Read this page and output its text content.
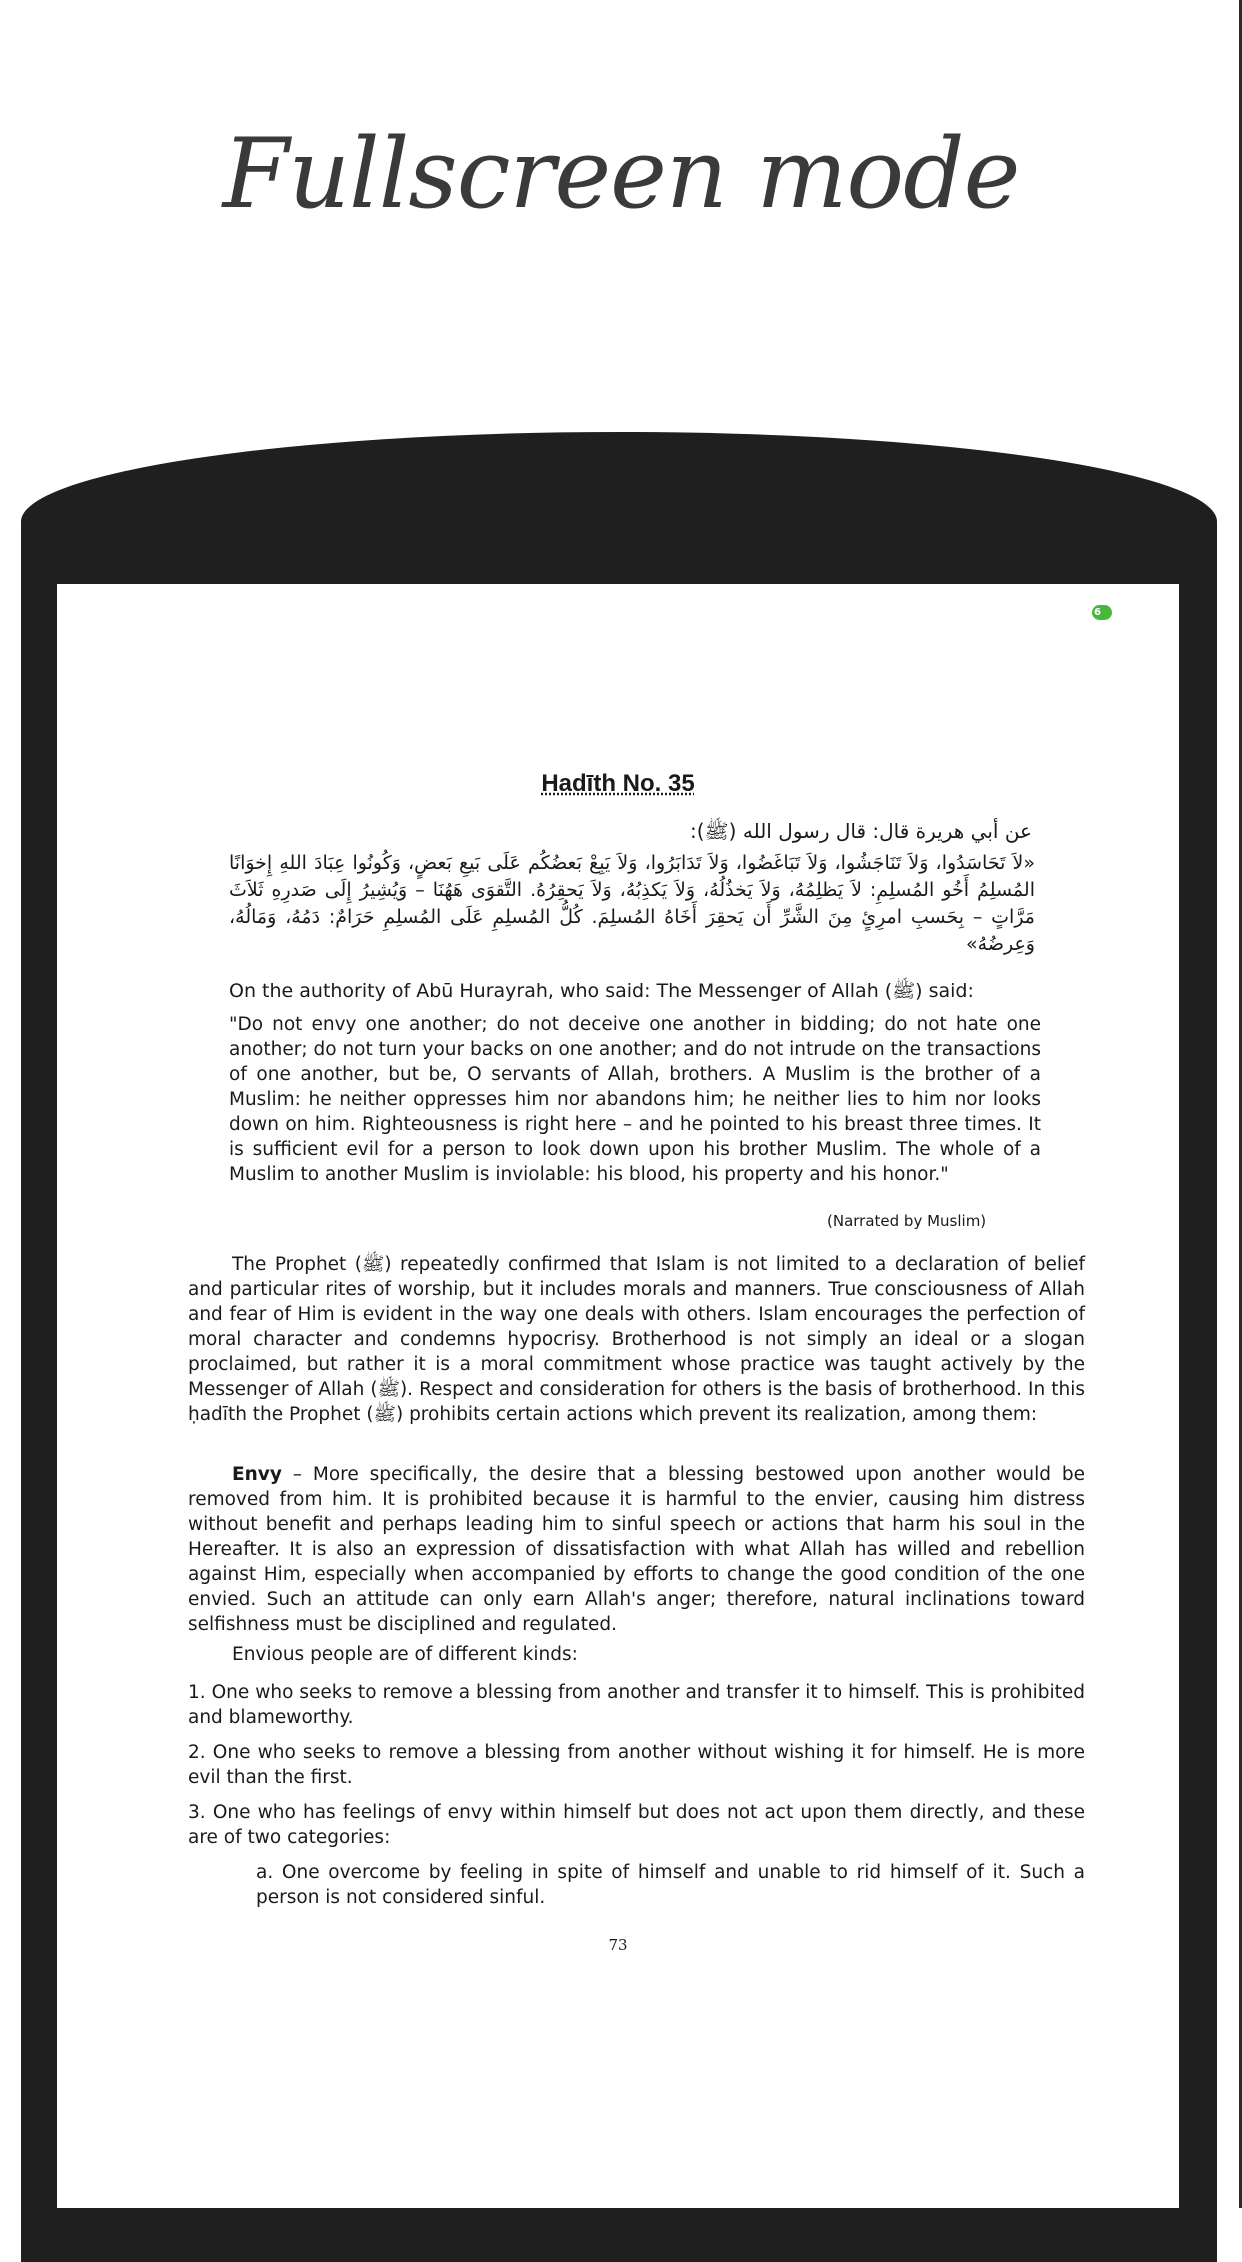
Fullscreen mode
6
Hadīth No. 35
عن أبي هريرة قال: قال رسول الله (ﷺ):
«لاَ تَحَاسَدُوا، وَلاَ تَنَاجَشُوا، وَلاَ تَبَاغَضُوا، وَلاَ تَدَابَرُوا، وَلاَ يَبِعْ بَعضُكُم عَلَى بَيعِ بَعضٍ، وَكُونُوا عِبَادَ اللهِ إِخوَانًا المُسلِمُ أَخُو المُسلِمِ: لاَ يَظلِمُهُ، وَلاَ يَخذُلُهُ، وَلاَ يَكذِبُهُ، وَلاَ يَحقِرُهُ. التَّقوَى هَهُنَا – وَيُشِيرُ إِلَى صَدرِهِ ثَلاَثَ مَرَّاتٍ – بِحَسبِ امرِئٍ مِنَ الشَّرِّ أَن يَحقِرَ أَخَاهُ المُسلِمَ. كُلُّ المُسلِمِ عَلَى المُسلِمِ حَرَامٌ: دَمُهُ، وَمَالُهُ، وَعِرضُهُ»
On the authority of Abū Hurayrah, who said: The Messenger of Allah (ﷺ) said:
"Do not envy one another; do not deceive one another in bidding; do not hate one another; do not turn your backs on one another; and do not intrude on the transactions of one another, but be, O servants of Allah, brothers. A Muslim is the brother of a Muslim: he neither oppresses him nor abandons him; he neither lies to him nor looks down on him. Righteousness is right here – and he pointed to his breast three times. It is sufficient evil for a person to look down upon his brother Muslim. The whole of a Muslim to another Muslim is inviolable: his blood, his property and his honor."
(Narrated by Muslim)
The Prophet (ﷺ) repeatedly confirmed that Islam is not limited to a declaration of belief and particular rites of worship, but it includes morals and manners. True consciousness of Allah and fear of Him is evident in the way one deals with others. Islam encourages the perfection of moral character and condemns hypocrisy. Brotherhood is not simply an ideal or a slogan proclaimed, but rather it is a moral commitment whose practice was taught actively by the Messenger of Allah (ﷺ). Respect and consideration for others is the basis of brotherhood. In this ḥadīth the Prophet (ﷺ) prohibits certain actions which prevent its realization, among them:
Envy – More specifically, the desire that a blessing bestowed upon another would be removed from him. It is prohibited because it is harmful to the envier, causing him distress without benefit and perhaps leading him to sinful speech or actions that harm his soul in the Hereafter. It is also an expression of dissatisfaction with what Allah has willed and rebellion against Him, especially when accompanied by efforts to change the good condition of the one envied. Such an attitude can only earn Allah's anger; therefore, natural inclinations toward selfishness must be disciplined and regulated.
Envious people are of different kinds:
1. One who seeks to remove a blessing from another and transfer it to himself. This is prohibited and blameworthy.
2. One who seeks to remove a blessing from another without wishing it for himself. He is more evil than the first.
3. One who has feelings of envy within himself but does not act upon them directly, and these are of two categories:
a. One overcome by feeling in spite of himself and unable to rid himself of it. Such a person is not considered sinful.
73
